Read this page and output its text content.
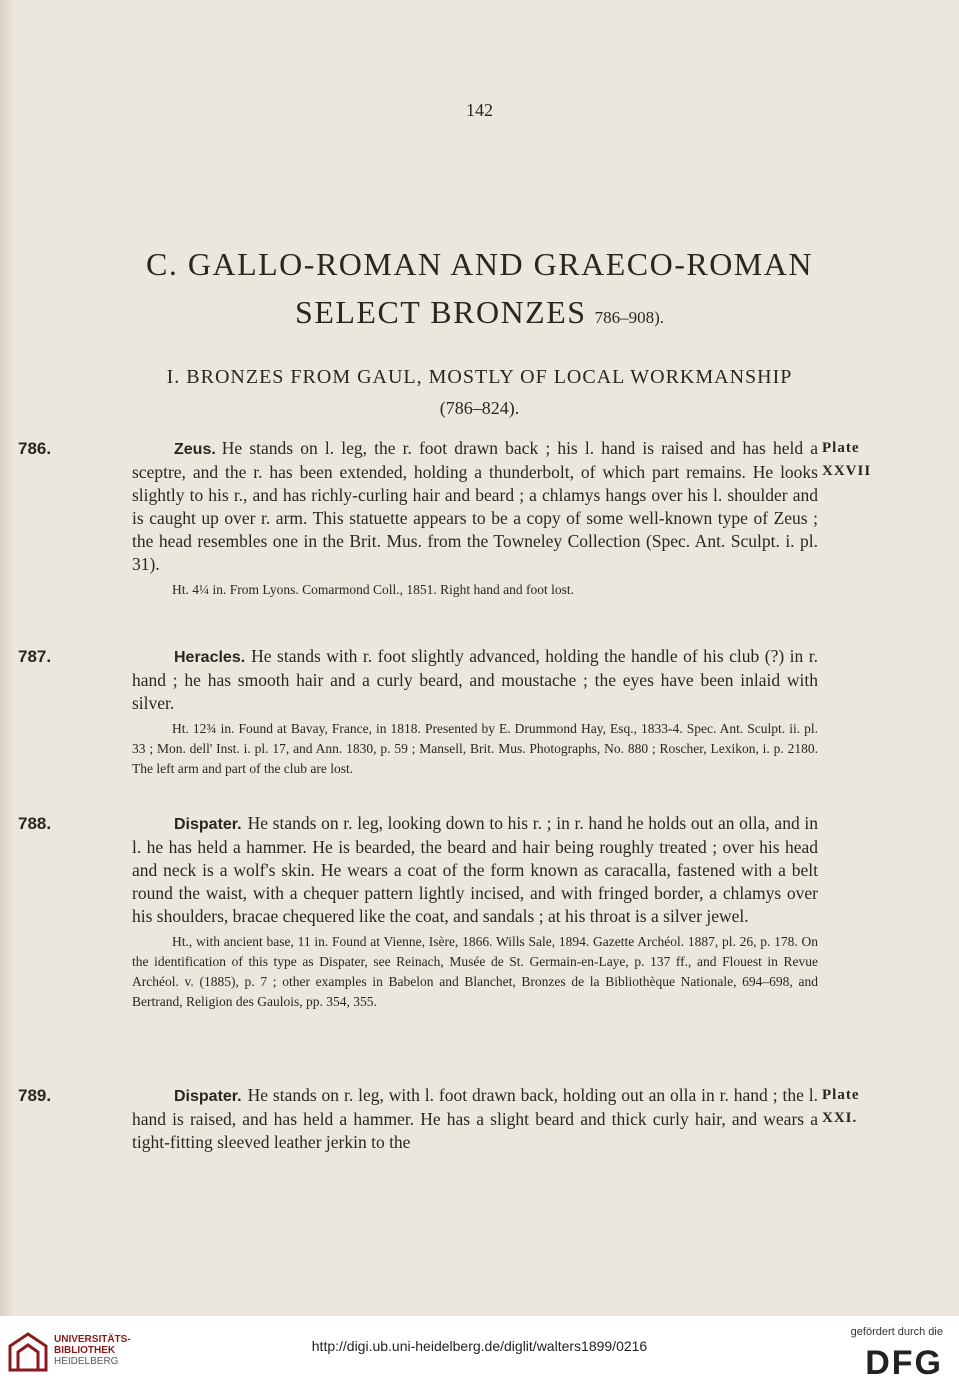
142
C. GALLO-ROMAN AND GRAECO-ROMAN
SELECT BRONZES 786–908).
I. BRONZES FROM GAUL, MOSTLY OF LOCAL WORKMANSHIP
(786–824).
786.	Plate
XXVII
Zeus. He stands on l. leg, the r. foot drawn back ; his l. hand is raised and has held a sceptre, and the r. has been extended, holding a thunderbolt, of which part remains. He looks slightly to his r., and has richly-curling hair and beard ; a chlamys hangs over his l. shoulder and is caught up over r. arm. This statuette appears to be a copy of some well-known type of Zeus ; the head resembles one in the Brit. Mus. from the Towneley Collection (Spec. Ant. Sculpt. i. pl. 31).
Ht. 4¼ in. From Lyons. Comarmond Coll., 1851. Right hand and foot lost.
787.	Heracles. He stands with r. foot slightly advanced, holding the handle of his club (?) in r. hand ; he has smooth hair and a curly beard, and moustache ; the eyes have been inlaid with silver.
Ht. 12¾ in. Found at Bavay, France, in 1818. Presented by E. Drummond Hay, Esq., 1833-4. Spec. Ant. Sculpt. ii. pl. 33 ; Mon. dell' Inst. i. pl. 17, and Ann. 1830, p. 59 ; Mansell, Brit. Mus. Photographs, No. 880 ; Roscher, Lexikon, i. p. 2180. The left arm and part of the club are lost.
788.	Dispater. He stands on r. leg, looking down to his r. ; in r. hand he holds out an olla, and in l. he has held a hammer. He is bearded, the beard and hair being roughly treated ; over his head and neck is a wolf's skin. He wears a coat of the form known as caracalla, fastened with a belt round the waist, with a chequer pattern lightly incised, and with fringed border, a chlamys over his shoulders, bracae chequered like the coat, and sandals ; at his throat is a silver jewel.
Ht., with ancient base, 11 in. Found at Vienne, Isère, 1866. Wills Sale, 1894. Gazette Archéol. 1887, pl. 26, p. 178. On the identification of this type as Dispater, see Reinach, Musée de St. Germain-en-Laye, p. 137 ff., and Flouest in Revue Archéol. v. (1885), p. 7 ; other examples in Babelon and Blanchet, Bronzes de la Bibliothèque Nationale, 694–698, and Bertrand, Religion des Gaulois, pp. 354, 355.
789.	Plate
XXI.
Dispater. He stands on r. leg, with l. foot drawn back, holding out an olla in r. hand ; the l. hand is raised, and has held a hammer. He has a slight beard and thick curly hair, and wears a tight-fitting sleeved leather jerkin to the
UNIVERSITÄTS-
BIBLIOTHEK
HEIDELBERG
http://digi.ub.uni-heidelberg.de/diglit/walters1899/0216
gefördert durch die
DFG
